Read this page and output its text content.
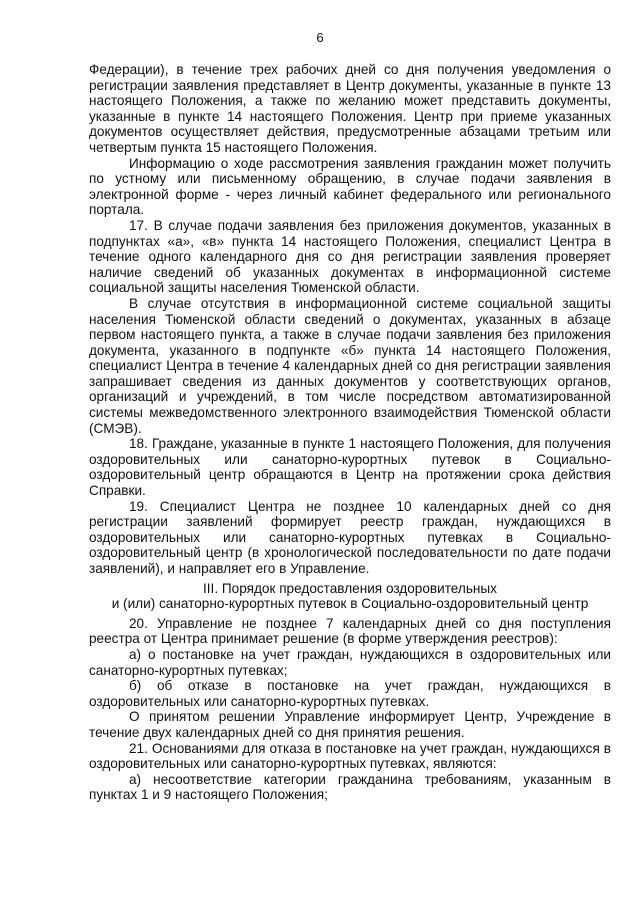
6

Федерации), в течение трех рабочих дней со дня получения уведомления о регистрации заявления представляет в Центр документы, указанные в пункте 13 настоящего Положения, а также по желанию может представить документы, указанные в пункте 14 настоящего Положения. Центр при приеме указанных документов осуществляет действия, предусмотренные абзацами третьим или четвертым пункта 15 настоящего Положения.

Информацию о ходе рассмотрения заявления гражданин может получить по устному или письменному обращению, в случае подачи заявления в электронной форме - через личный кабинет федерального или регионального портала.

17. В случае подачи заявления без приложения документов, указанных в подпунктах «а», «в» пункта 14 настоящего Положения, специалист Центра в течение одного календарного дня со дня регистрации заявления проверяет наличие сведений об указанных документах в информационной системе социальной защиты населения Тюменской области.

В случае отсутствия в информационной системе социальной защиты населения Тюменской области сведений о документах, указанных в абзаце первом настоящего пункта, а также в случае подачи заявления без приложения документа, указанного в подпункте «б» пункта 14 настоящего Положения, специалист Центра в течение 4 календарных дней со дня регистрации заявления запрашивает сведения из данных документов у соответствующих органов, организаций и учреждений, в том числе посредством автоматизированной системы межведомственного электронного взаимодействия Тюменской области (СМЭВ).

18. Граждане, указанные в пункте 1 настоящего Положения, для получения оздоровительных или санаторно-курортных путевок в Социально-оздоровительный центр обращаются в Центр на протяжении срока действия Справки.

19. Специалист Центра не позднее 10 календарных дней со дня регистрации заявлений формирует реестр граждан, нуждающихся в оздоровительных или санаторно-курортных путевках в Социально-оздоровительный центр (в хронологической последовательности по дате подачи заявлений), и направляет его в Управление.

III. Порядок предоставления оздоровительных
и (или) санаторно-курортных путевок в Социально-оздоровительный центр

20. Управление не позднее 7 календарных дней со дня поступления реестра от Центра принимает решение (в форме утверждения реестров):

а) о постановке на учет граждан, нуждающихся в оздоровительных или санаторно-курортных путевках;

б) об отказе в постановке на учет граждан, нуждающихся в оздоровительных или санаторно-курортных путевках.

О принятом решении Управление информирует Центр, Учреждение в течение двух календарных дней со дня принятия решения.

21. Основаниями для отказа в постановке на учет граждан, нуждающихся в оздоровительных или санаторно-курортных путевках, являются:

а) несоответствие категории гражданина требованиям, указанным в пунктах 1 и 9 настоящего Положения;
